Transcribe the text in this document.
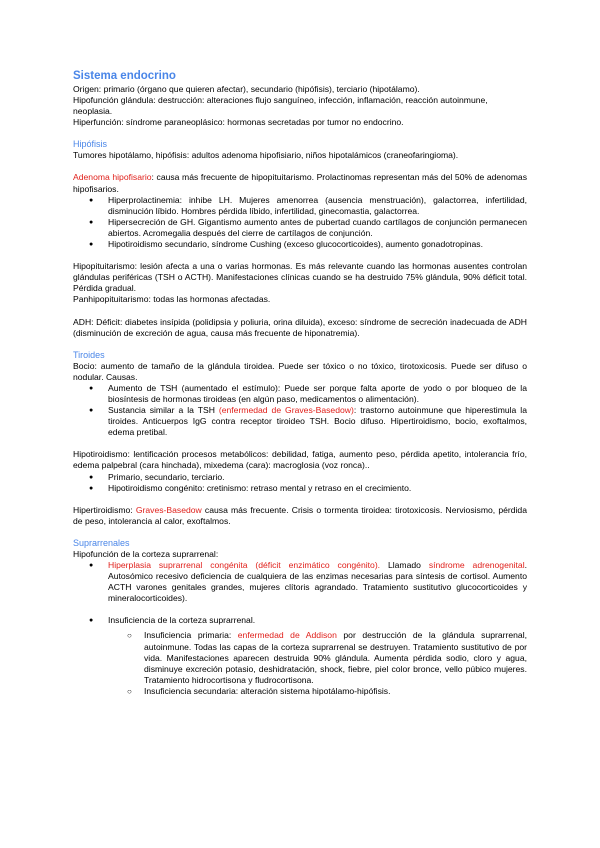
Sistema endocrino

Origen: primario (órgano que quieren afectar), secundario (hipófisis), terciario (hipotálamo).

Hipofunción glándula: destrucción: alteraciones flujo sanguíneo, infección, inflamación, reacción autoinmune, neoplasia.

Hiperfunción: síndrome paraneoplásico: hormonas secretadas por tumor no endocrino.

Hipófisis

Tumores hipotálamo, hipófisis: adultos adenoma hipofisiario, niños hipotalámicos (craneofaringioma).

Adenoma hipofisario: causa más frecuente de hipopituitarismo. Prolactinomas representan más del 50% de adenomas hipofisarios.

● Hiperprolactinemia: inhibe LH. Mujeres amenorrea (ausencia menstruación), galactorrea, infertilidad, disminución líbido. Hombres pérdida líbido, infertilidad, ginecomastia, galactorrea.
● Hipersecreción de GH. Gigantismo aumento antes de pubertad cuando cartílagos de conjunción permanecen abiertos. Acromegalia después del cierre de cartílagos de conjunción.
● Hipotiroidismo secundario, síndrome Cushing (exceso glucocorticoides), aumento gonadotropinas.

Hipopituitarismo: lesión afecta a una o varias hormonas. Es más relevante cuando las hormonas ausentes controlan glándulas periféricas (TSH o ACTH). Manifestaciones clínicas cuando se ha destruido 75% glándula, 90% déficit total. Pérdida gradual.

Panhipopituitarismo: todas las hormonas afectadas.

ADH: Déficit: diabetes insípida (polidipsia y poliuria, orina diluida), exceso: síndrome de secreción inadecuada de ADH (disminución de excreción de agua, causa más frecuente de hiponatremia).

Tiroides

Bocio: aumento de tamaño de la glándula tiroidea. Puede ser tóxico o no tóxico, tirotoxicosis. Puede ser difuso o nodular. Causas.

● Aumento de TSH (aumentado el estímulo): Puede ser porque falta aporte de yodo o por bloqueo de la biosíntesis de hormonas tiroideas (en algún paso, medicamentos o alimentación).
● Sustancia similar a la TSH (enfermedad de Graves-Basedow): trastorno autoinmune que hiperestimula la tiroides. Anticuerpos IgG contra receptor tiroideo TSH. Bocio difuso. Hipertiroidismo, bocio, exoftalmos, edema pretibal.

Hipotiroidismo: lentificación procesos metabólicos: debilidad, fatiga, aumento peso, pérdida apetito, intolerancia frío, edema palpebral (cara hinchada), mixedema (cara): macroglosia (voz ronca)..

● Primario, secundario, terciario.
● Hipotiroidismo congénito: cretinismo: retraso mental y retraso en el crecimiento.

Hipertiroidismo: Graves-Basedow causa más frecuente. Crisis o tormenta tiroidea: tirotoxicosis. Nerviosismo, pérdida de peso, intolerancia al calor, exoftalmos.

Suprarrenales

Hipofunción de la corteza suprarrenal:

● Hiperplasia suprarrenal congénita (déficit enzimático congénito). Llamado síndrome adrenogenital. Autosómico recesivo deficiencia de cualquiera de las enzimas necesarias para síntesis de cortisol. Aumento ACTH varones genitales grandes, mujeres clítoris agrandado. Tratamiento sustitutivo glucocorticoides y mineralocorticoides).
● Insuficiencia de la corteza suprarrenal.
○ Insuficiencia primaria: enfermedad de Addison por destrucción de la glándula suprarrenal, autoinmune. Todas las capas de la corteza suprarrenal se destruyen. Tratamiento sustitutivo de por vida. Manifestaciones aparecen destruida 90% glándula. Aumenta pérdida sodio, cloro y agua, disminuye excreción potasio, deshidratación, shock, fiebre, piel color bronce, vello púbico mujeres. Tratamiento hidrocortisona y fludrocortisona.
○ Insuficiencia secundaria: alteración sistema hipotálamo-hipófisis.
